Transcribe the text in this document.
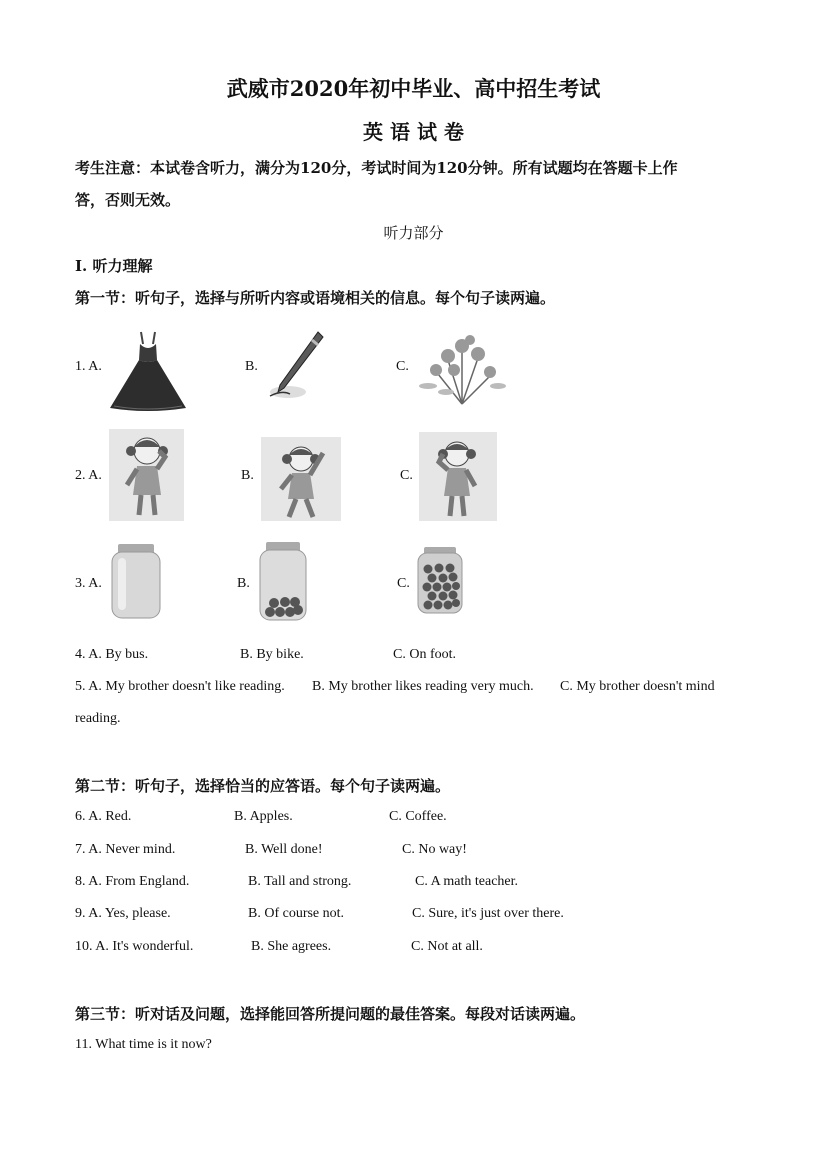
武威市2020年初中毕业、高中招生考试
英 语 试 卷
考生注意：本试卷含听力，满分为120分，考试时间为120分钟。所有试题均在答题卡上作
答，否则无效。
听力部分
I. 听力理解
第一节：听句子，选择与所听内容或语境相关的信息。每个句子读两遍。
1. A.	B.	C.
2. A.	B.	C.
3. A.	B.	C.
4. A. By bus.	B. By bike.	C. On foot.
5. A. My brother doesn't like reading. B. My brother likes reading very much. C. My brother doesn't mind
reading.
第二节：听句子，选择恰当的应答语。每个句子读两遍。
6. A. Red.	B. Apples.	C. Coffee.
7. A. Never mind.	B. Well done!	C. No way!
8. A. From England.	B. Tall and strong.	C. A math teacher.
9. A. Yes, please.	B. Of course not.	C. Sure, it's just over there.
10. A. It's wonderful.	B. She agrees.	C. Not at all.
第三节：听对话及问题，选择能回答所提问题的最佳答案。每段对话读两遍。
11. What time is it now?
